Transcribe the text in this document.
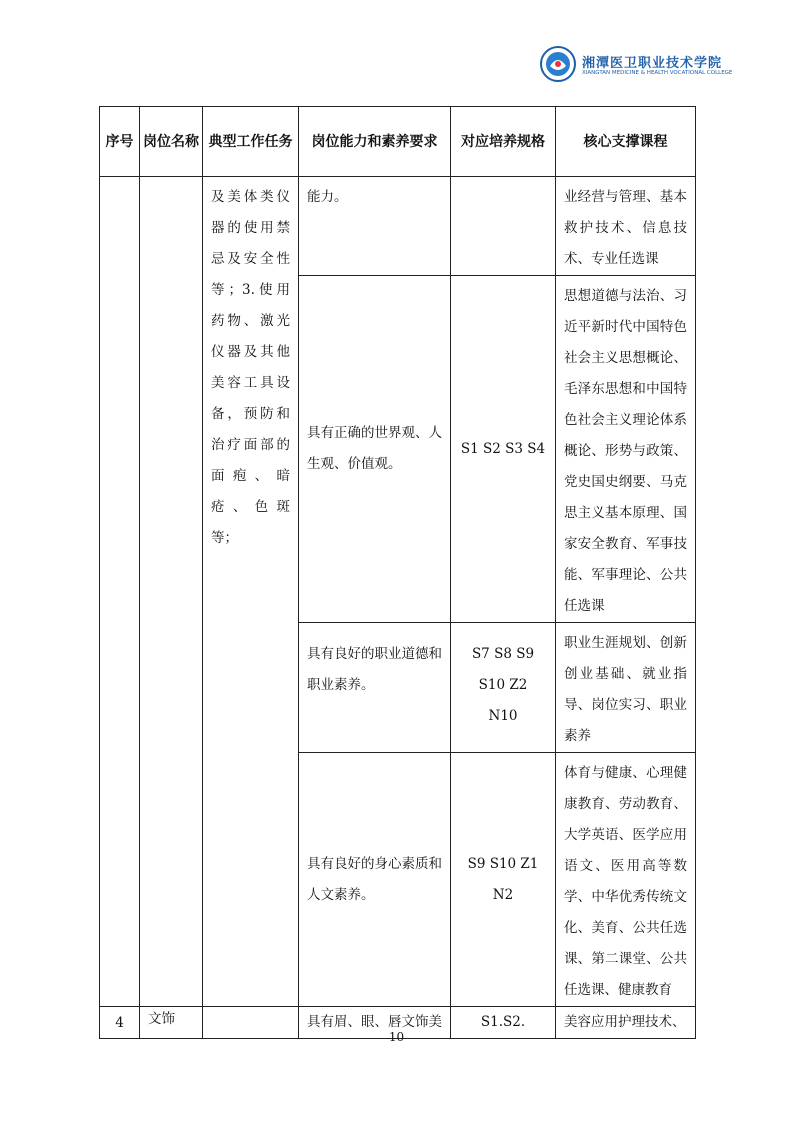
湘潭医卫职业技术学院
XIANGTAN MEDICINE & HEALTH VOCATIONAL COLLEGE
序号	岗位名称	典型工作任务	岗位能力和素养要求	对应培养规格	核心支撑课程

		及美体类仪器的使用禁忌及安全性等；3.使用药物、激光仪器及其他美容工具设备，预防和治疗面部的面疱、暗疮、色斑等；	能力。		业经营与管理、基本救护技术、信息技术、专业任选课

			具有正确的世界观、人生观、价值观。	S1 S2 S3 S4	思想道德与法治、习近平新时代中国特色社会主义思想概论、毛泽东思想和中国特色社会主义理论体系概论、形势与政策、党史国史纲要、马克思主义基本原理、国家安全教育、军事技能、军事理论、公共任选课

			具有良好的职业道德和职业素养。	S7 S8 S9 S10 Z2 N10	职业生涯规划、创新创业基础、就业指导、岗位实习、职业素养

			具有良好的身心素质和人文素养。	S9 S10 Z1 N2	体育与健康、心理健康教育、劳动教育、大学英语、医学应用语文、医用高等数学、中华优秀传统文化、美育、公共任选课、第二课堂、公共任选课、健康教育

4	文饰		具有眉、眼、唇文饰美	S1.S2.	美容应用护理技术、
10
